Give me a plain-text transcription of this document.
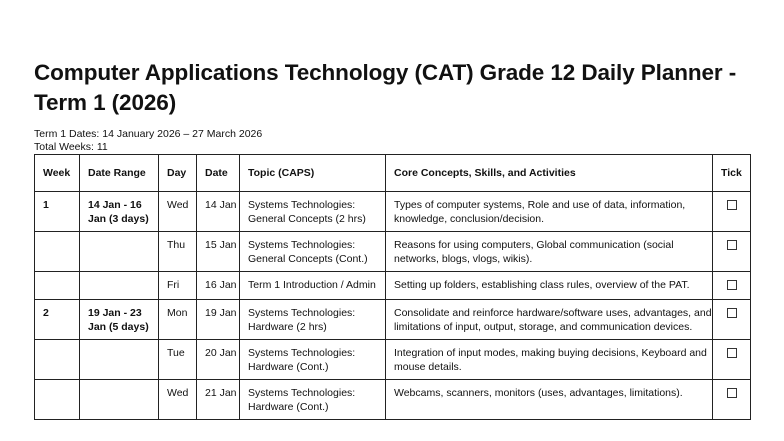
Computer Applications Technology (CAT) Grade 12 Daily Planner - Term 1 (2026)
Term 1 Dates: 14 January 2026 – 27 March 2026
Total Weeks: 11
Week	Date Range	Day	Date	Topic (CAPS)	Core Concepts, Skills, and Activities	Tick
1	14 Jan - 16 Jan (3 days)	Wed	14 Jan	Systems Technologies: General Concepts (2 hrs)	Types of computer systems, Role and use of data, information, knowledge, conclusion/decision.	
		Thu	15 Jan	Systems Technologies: General Concepts (Cont.)	Reasons for using computers, Global communication (social networks, blogs, vlogs, wikis).	
		Fri	16 Jan	Term 1 Introduction / Admin	Setting up folders, establishing class rules, overview of the PAT.	
2	19 Jan - 23 Jan (5 days)	Mon	19 Jan	Systems Technologies: Hardware (2 hrs)	Consolidate and reinforce hardware/software uses, advantages, and limitations of input, output, storage, and communication devices.	
		Tue	20 Jan	Systems Technologies: Hardware (Cont.)	Integration of input modes, making buying decisions, Keyboard and mouse details.	
		Wed	21 Jan	Systems Technologies: Hardware (Cont.)	Webcams, scanners, monitors (uses, advantages, limitations).	
